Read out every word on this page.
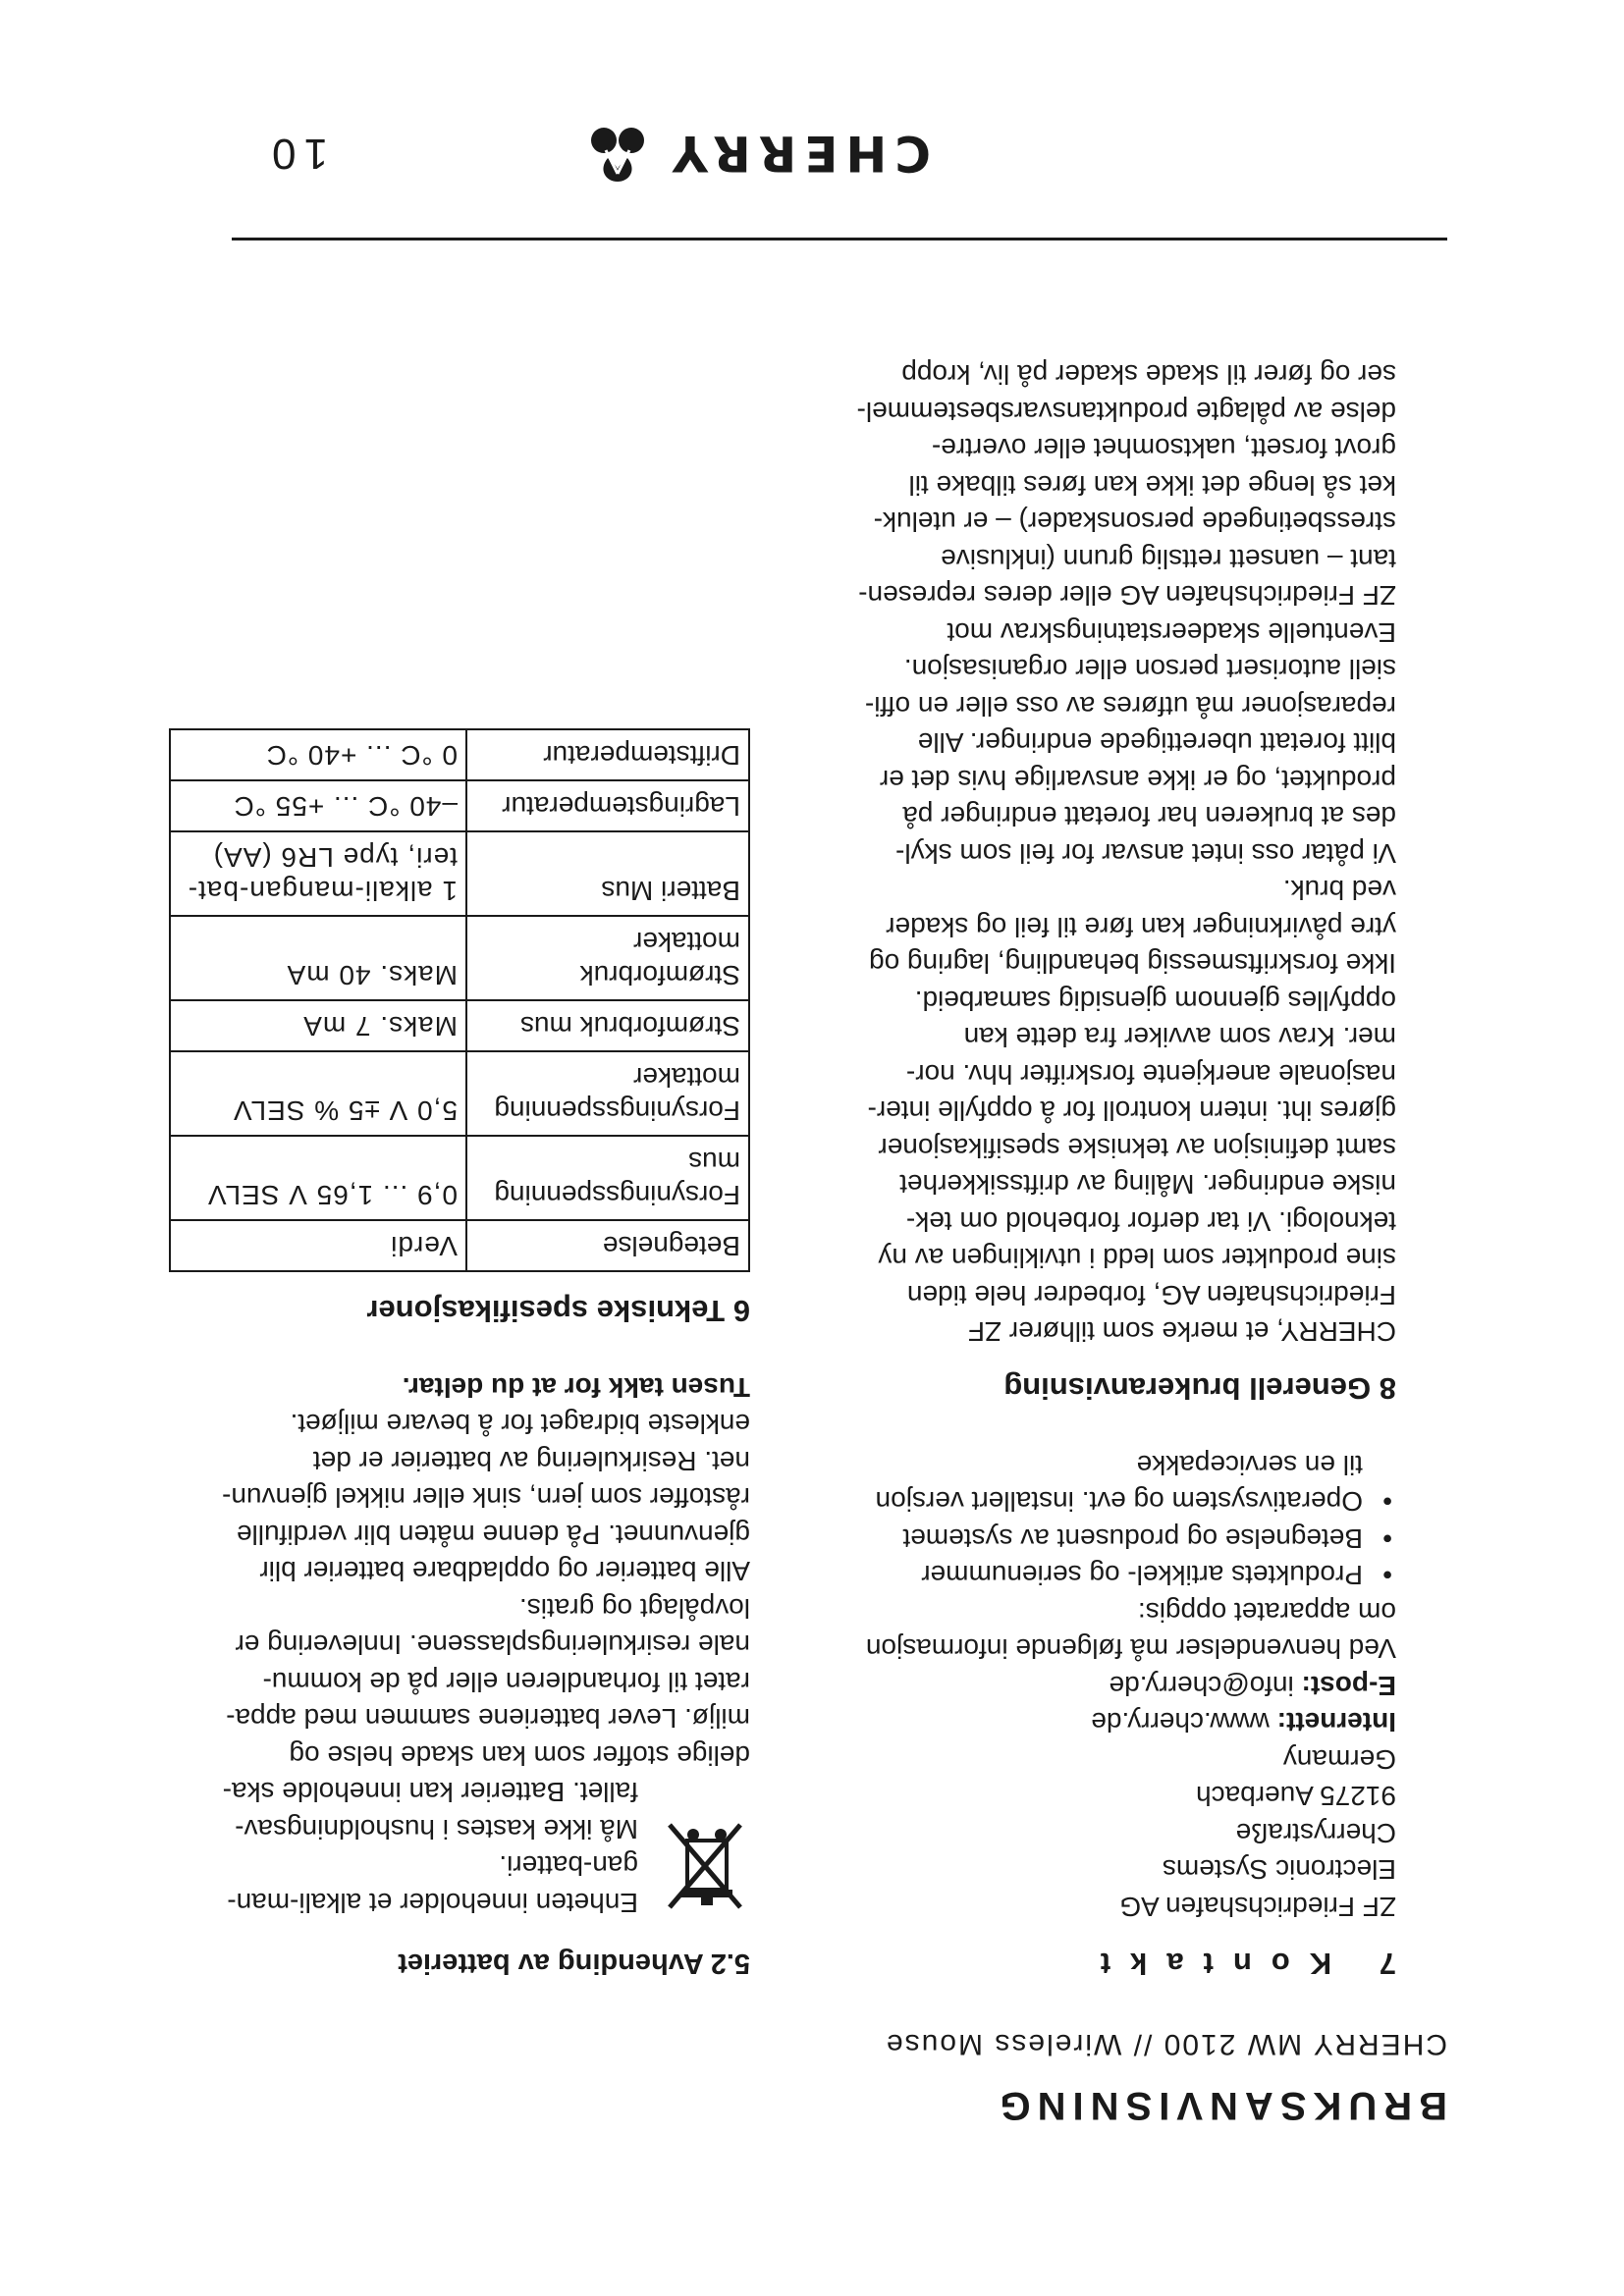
BRUKSANVISNING
CHERRY MW 2100 // Wireless Mouse
5.2 Avhending av batteriet

Enheten inneholder et alkali-man-

gan-batteri.

Må ikke kastes i husholdningsav-

fallet. Batterier kan inneholde ska-

delige stoffer som kan skade helse og

miljø. Lever batteriene sammen med appa-

ratet til forhandleren eller på de kommu-

nale resirkuleringsplassene. Innlevering er

lovpålagt og gratis.

Alle batterier og oppladbare batterier blir

gjenvunnet. På denne måten blir verdifulle

råstoffer som jern, sink eller nikkel gjenvun-

net. Resirkulering av batterier er det

enkleste bidraget for å bevare miljøet.

Tusen takk for at du deltar.

6 Tekniske spesifikasjoner
Betegnelse	Verdi

Forsyningsspenning
mus	0,9 ... 1,65 V SELV

Forsyningsspenning
mottaker	5,0 V ±5 % SELV

Strømforbruk mus	Maks. 7 mA

Strømforbruk
mottaker	Maks. 40 mA

Batteri Mus	1 alkali-mangan-bat-
teri, type LR6 (AA)

Lagringstemperatur	–40 °C ... +55 °C

Driftstemperatur	0 °C ... +40 °C
7 Kontakt

ZF Friedrichshafen AG

Electronic Systems

Cherrystraße

91275 Auerbach

Germany

Internett: www.cherry.de

E-post: info@cherry.de

Ved henvendelser må følgende informasjon

om apparatet oppgis:

• Produktets artikkel- og serienummer
• Betegnelse og produsent av systemet
• Operativsystem og evt. installert versjon
til en servicepakke
8 Generell brukeranvisning

CHERRY, et merke som tilhører ZF

Friedrichshafen AG, forbedrer hele tiden

sine produkter som ledd i utviklingen av ny

teknologi. Vi tar derfor forbehold om tek-

niske endringer. Måling av driftssikkerhet

samt definisjon av tekniske spesifikasjoner

gjøres iht. intern kontroll for å oppfylle inter-

nasjonale anerkjente forskrifter hhv. nor-

mer. Krav som avviker fra dette kan

oppfylles gjennom gjensidig samarbeid.

Ikke forskriftsmessig behandling, lagring og

ytre påvirkninger kan føre til feil og skader

ved bruk.

Vi påtar oss intet ansvar for feil som skyl-

des at brukeren har foretatt endringer på

produktet, og er ikke ansvarlige hvis det er

blitt foretatt uberettigede endringer. Alle

reparasjoner må utføres av oss eller en offi-

siell autorisert person eller organisasjon.

Eventuelle skadeerstatningskrav mot

ZF Friedrichshafen AG eller deres represen-

tant – uansett rettslig grunn (inklusive

stressbetingede personskader) – er uteluk-

ket så lenge det ikke kan føres tilbake til

grovt forsett, uaktsomhet eller overtre-

delse av pålagte produktansvarsbestemmel-

ser og fører til skade skader på liv, kropp

CHERRY
10
